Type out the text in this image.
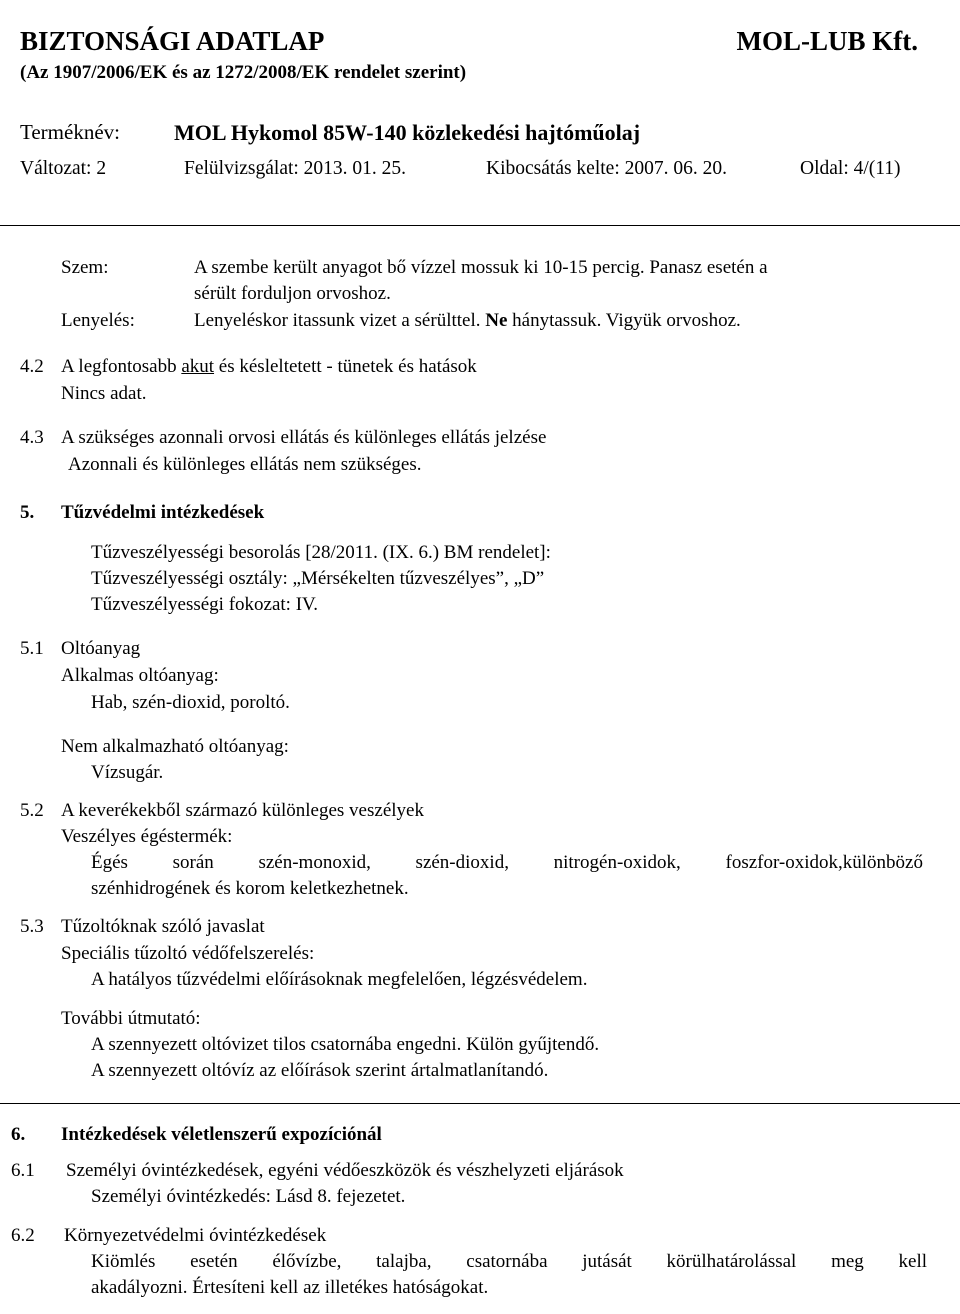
BIZTONSÁGI ADATLAP	MOL-LUB Kft.
(Az 1907/2006/EK és az 1272/2008/EK rendelet szerint)
Terméknév: MOL Hykomol 85W-140 közlekedési hajtóműolaj
Változat: 2	Felülvizsgálat: 2013. 01. 25.	Kibocsátás kelte: 2007. 06. 20.	Oldal: 4/(11)
Szem:	A szembe került anyagot bő vízzel mossuk ki 10-15 percig. Panasz esetén a
sérült forduljon orvoshoz.
Lenyelés:	Lenyeléskor itassunk vizet a sérülttel. Ne hánytassuk. Vigyük orvoshoz.
4.2 A legfontosabb akut és késleltetett - tünetek és hatások
Nincs adat.
4.3 A szükséges azonnali orvosi ellátás és különleges ellátás jelzése
Azonnali és különleges ellátás nem szükséges.
5. Tűzvédelmi intézkedések
Tűzveszélyességi besorolás [28/2011. (IX. 6.) BM rendelet]:
Tűzveszélyességi osztály: „Mérsékelten tűzveszélyes”, „D”
Tűzveszélyességi fokozat: IV.
5.1 Oltóanyag
Alkalmas oltóanyag:
Hab, szén-dioxid, poroltó.
Nem alkalmazható oltóanyag:
Vízsugár.
5.2 A keverékekből származó különleges veszélyek
Veszélyes égéstermék:
Égés során szén-monoxid, szén-dioxid, nitrogén-oxidok, foszfor-oxidok,különböző
szénhidrogének és korom keletkezhetnek.
5.3 Tűzoltóknak szóló javaslat
Speciális tűzoltó védőfelszerelés:
A hatályos tűzvédelmi előírásoknak megfelelően, légzésvédelem.
További útmutató:
A szennyezett oltóvizet tilos csatornába engedni. Külön gyűjtendő.
A szennyezett oltóvíz az előírások szerint ártalmatlanítandó.
6. Intézkedések véletlenszerű expozíciónál
6.1 Személyi óvintézkedések, egyéni védőeszközök és vészhelyzeti eljárások
Személyi óvintézkedés: Lásd 8. fejezetet.
6.2 Környezetvédelmi óvintézkedések
Kiömlés esetén élővízbe, talajba, csatornába jutását körülhatárolással meg kell
akadályozni. Értesíteni kell az illetékes hatóságokat.
